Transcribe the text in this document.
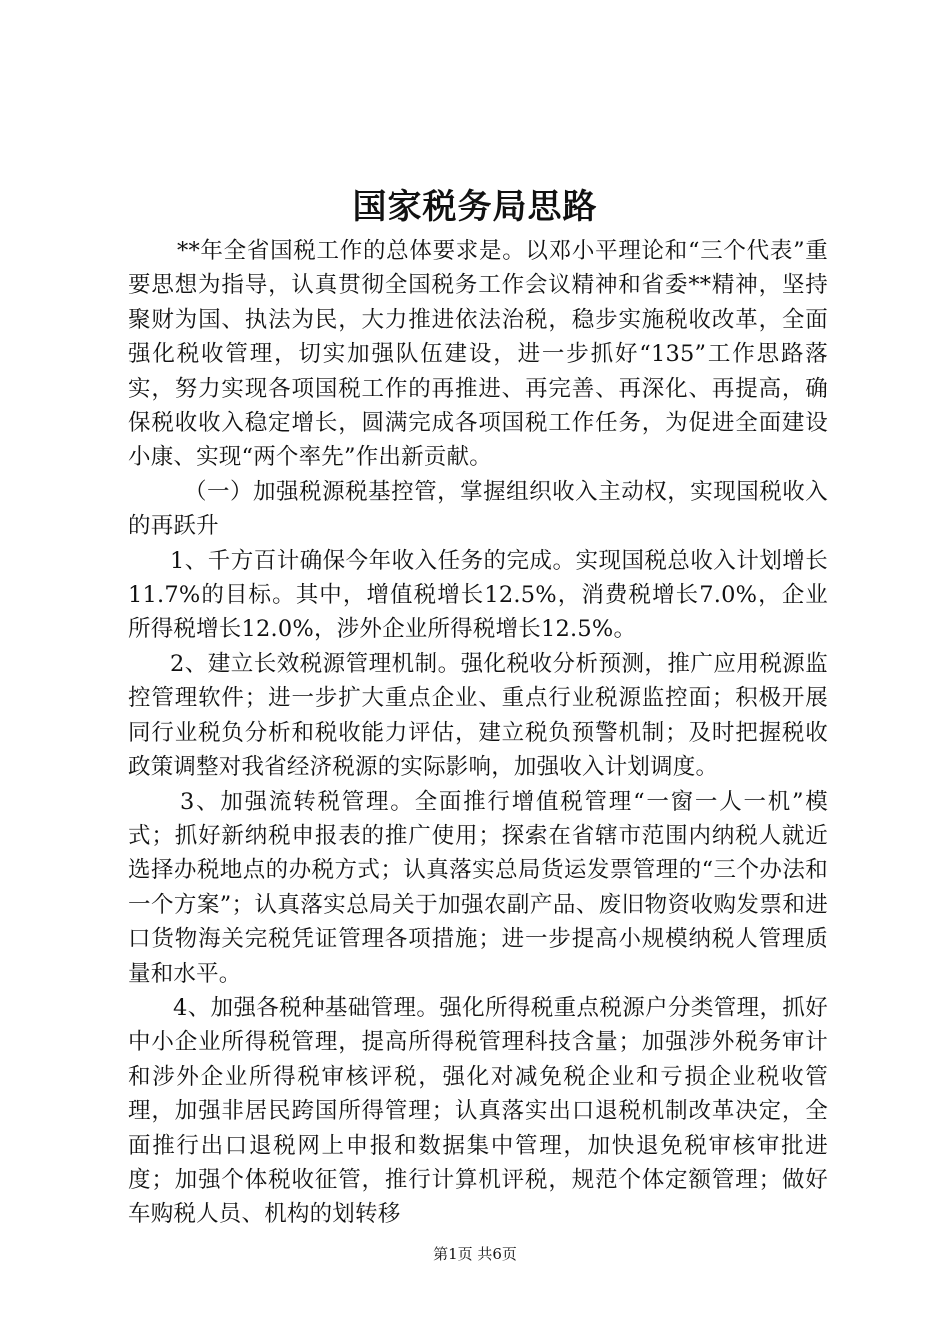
国家税务局思路

**年全省国税工作的总体要求是。以邓小平理论和“三个代表”重要思想为指导，认真贯彻全国税务工作会议精神和省委**精神，坚持聚财为国、执法为民，大力推进依法治税，稳步实施税收改革，全面强化税收管理，切实加强队伍建设，进一步抓好“135”工作思路落实，努力实现各项国税工作的再推进、再完善、再深化、再提高，确保税收收入稳定增长，圆满完成各项国税工作任务，为促进全面建设小康、实现“两个率先”作出新贡献。

（一）加强税源税基控管，掌握组织收入主动权，实现国税收入的再跃升

1、千方百计确保今年收入任务的完成。实现国税总收入计划增长11.7%的目标。其中，增值税增长12.5%，消费税增长7.0%，企业所得税增长12.0%，涉外企业所得税增长12.5%。

2、建立长效税源管理机制。强化税收分析预测，推广应用税源监控管理软件；进一步扩大重点企业、重点行业税源监控面；积极开展同行业税负分析和税收能力评估，建立税负预警机制；及时把握税收政策调整对我省经济税源的实际影响，加强收入计划调度。

3、加强流转税管理。全面推行增值税管理“一窗一人一机”模式；抓好新纳税申报表的推广使用；探索在省辖市范围内纳税人就近选择办税地点的办税方式；认真落实总局货运发票管理的“三个办法和一个方案”；认真落实总局关于加强农副产品、废旧物资收购发票和进口货物海关完税凭证管理各项措施；进一步提高小规模纳税人管理质量和水平。

4、加强各税种基础管理。强化所得税重点税源户分类管理，抓好中小企业所得税管理，提高所得税管理科技含量；加强涉外税务审计和涉外企业所得税审核评税，强化对减免税企业和亏损企业税收管理，加强非居民跨国所得管理；认真落实出口退税机制改革决定，全面推行出口退税网上申报和数据集中管理，加快退免税审核审批进度；加强个体税收征管，推行计算机评税，规范个体定额管理；做好车购税人员、机构的划转移

第1页 共6页
